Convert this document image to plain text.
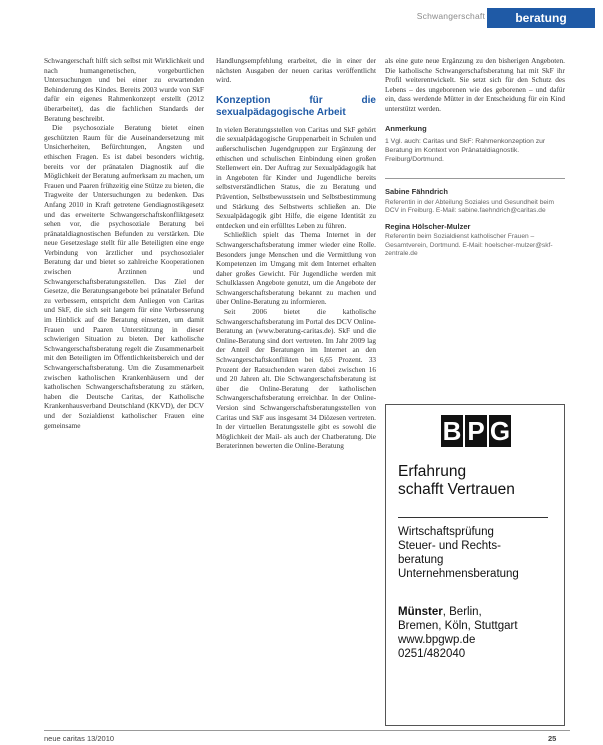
Schwangerschaft	beratung

Schwangerschaft hilft sich selbst mit Wirklichkeit und nach humangenetischen, vorgeburtlichen Untersuchungen und bei einer zu erwartenden Behinderung des Kindes. Bereits 2003 wurde von SkF dafür ein eigenes Rahmenkonzept erstellt (2012 überarbeitet), das die fachlichen Standards der Beratung beschreibt.

Die psychosoziale Beratung bietet einen geschützten Raum für die Auseinandersetzung mit Unsicherheiten, Befürchtungen, Ängsten und ethischen Fragen. Es ist dabei besonders wichtig, bereits vor der pränatalen Diagnostik auf die Möglichkeit der Beratung aufmerksam zu machen, um Frauen und Paaren frühzeitig eine Stütze zu bieten, die Tragweite der Untersuchungen zu bedenken. Das Anfang 2010 in Kraft getretene Gendiagnostikgesetz und das erweiterte Schwangerschaftskonfliktgesetz sehen vor, die psychosoziale Beratung bei pränataldiagnostischen Befunden zu verstärken. Die neue Gesetzeslage stellt für alle Beteiligten eine enge Verbindung von ärztlicher und psychosozialer Beratung dar und bietet so zahlreiche Kooperationen zwischen Ärztinnen und Schwangerschaftsberatungsstellen. Das Ziel der Gesetze, die Beratungsangebote bei pränataler Befund zu verbessern, entspricht dem Anliegen von Caritas und SkF, die sich seit langem für eine Verbesserung im Hinblick auf die Beratung einsetzen, um damit Frauen und Paaren Unterstützung in dieser schwierigen Situation zu bieten. Der katholische Schwangerschaftsberatung regelt die Zusammenarbeit mit den Beteiligten im Öffentlichkeitsbereich und der Schwangerschaftsberatung. Um die Zusammenarbeit zwischen katholischen Krankenhäusern und der katholischen Schwangerschaftsberatung zu stärken, haben die Deutsche Caritas, der Katholische Krankenhausverband Deutschland (KKVD), der DCV und der Sozialdienst katholischer Frauen eine gemeinsame

Handlungsempfehlung erarbeitet, die in einer der nächsten Ausgaben der neuen caritas veröffentlicht wird.

Konzeption für die sexualpädagogische Arbeit

In vielen Beratungsstellen von Caritas und SkF gehört die sexualpädagogische Gruppenarbeit in Schulen und außerschulischen Jugendgruppen zur Ergänzung der ethischen und schulischen Einbindung einen großen Stellenwert ein. Der Auftrag zur Sexualpädagogik hat in Angeboten für Kinder und Jugendliche bereits selbstverständlichen Status, die zu Beratung und Prävention, Selbstbewusstsein und Selbstbestimmung und Stärkung des Selbstwerts schließen an. Die Sexualpädagogik gibt Hilfe, die eigene Identität zu entdecken und ein erfülltes Leben zu führen.

Schließlich spielt das Thema Internet in der Schwangerschaftsberatung immer wieder eine Rolle. Besonders junge Menschen und die Vermittlung von Kompetenzen im Umgang mit dem Internet erhalten daher großes Gewicht. Für Jugendliche werden mit Schulklassen Angebote genutzt, um die Angebote der Schwangerschaftsberatung bekannt zu machen und über Online-Beratung zu informieren.

Seit 2006 bietet die katholische Schwangerschaftsberatung im Portal des DCV Online-Beratung an (www.beratung-caritas.de). SkF und die Online-Beratung sind dort vertreten. Im Jahr 2009 lag der Anteil der Beratungen im Internet an den Schwangerschaftskonflikten bei 6,65 Prozent. 33 Prozent der Ratsuchenden waren dabei zwischen 16 und 20 Jahren alt. Die Schwangerschaftsberatung ist über die Online-Beratung der katholischen Schwangerschaftsberatung erreichbar. In der Online-Version sind Schwangerschaftsberatungsstellen von Caritas und SkF aus insgesamt 34 Diözesen vertreten. In der virtuellen Beratungsstelle gibt es sowohl die Möglichkeit der Mail- als auch der Chatberatung. Die Beraterinnen bewerten die Online-Beratung

als eine gute neue Ergänzung zu den bisherigen Angeboten. Die katholische Schwangerschaftsberatung hat mit SkF ihr Profil weiterentwickelt. Sie setzt sich für den Schutz des Lebens – des ungeborenen wie des geborenen – und dafür ein, dass werdende Mütter in der Entscheidung für ein Kind unterstützt werden.

Anmerkung
1 Vgl. auch: Caritas und SkF: Rahmenkonzeption zur Beratung im Kontext von Pränataldiagnostik. Freiburg/Dortmund.
Sabine Fähndrich
Referentin in der Abteilung Soziales und Gesundheit beim DCV in Freiburg. E-Mail: sabine.faehndrich@caritas.de
Regina Hölscher-Mulzer
Referentin beim Sozialdienst katholischer Frauen – Gesamtverein, Dortmund. E-Mail: hoelscher-mulzer@skf-zentrale.de
B P G
Erfahrung
schafft Vertrauen
Wirtschaftsprüfung
Steuer- und Rechts-
beratung
Unternehmensberatung
Münster, Berlin,
Bremen, Köln, Stuttgart
www.bpgwp.de
0251/482040
neue caritas 13/2010	25
